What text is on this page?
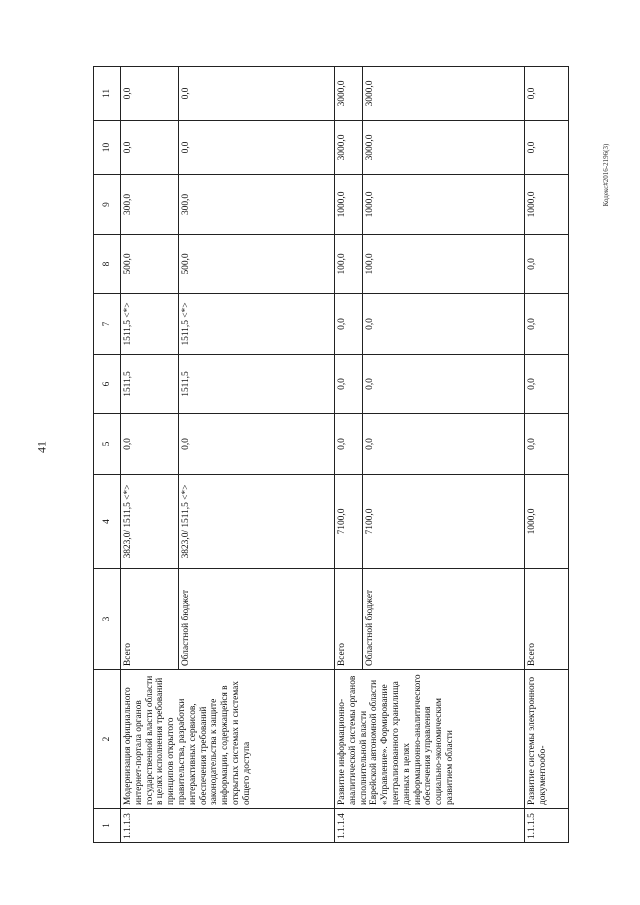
41
Кодекс#2016-2196(3)
1	2	3	4	5	6	7	8	9	10	11
1.1.1.3	Модернизация официального интернет-портала органов государственной власти области в целях исполнения требований принципов открытого правительства, разработки интерактивных сервисов, обеспечения требований законодательства к защите информации, содержащейся в открытых системах и системах общего доступа	Всего	3823,0/ 1511,5 <*>	0,0	1511,5	1511,5 <*>	500,0	300,0	0,0	0,0
		Областной бюджет	3823,0/ 1511,5 <*>	0,0	1511,5	1511,5 <*>	500,0	300,0	0,0	0,0
1.1.1.4	Развитие информационно-аналитической системы органов исполнительной власти Еврейской автономной области «Управление». Формирование централизованного хранилища данных в целях информационно-аналитического обеспечения управления социально-экономическим развитием области	Всего	7100,0	0,0	0,0	0,0	100,0	1000,0	3000,0	3000,0
		Областной бюджет	7100,0	0,0	0,0	0,0	100,0	1000,0	3000,0	3000,0
1.1.1.5	Развитие системы электронного документообо-	Всего	1000,0	0,0	0,0	0,0	0,0	1000,0	0,0	0,0
